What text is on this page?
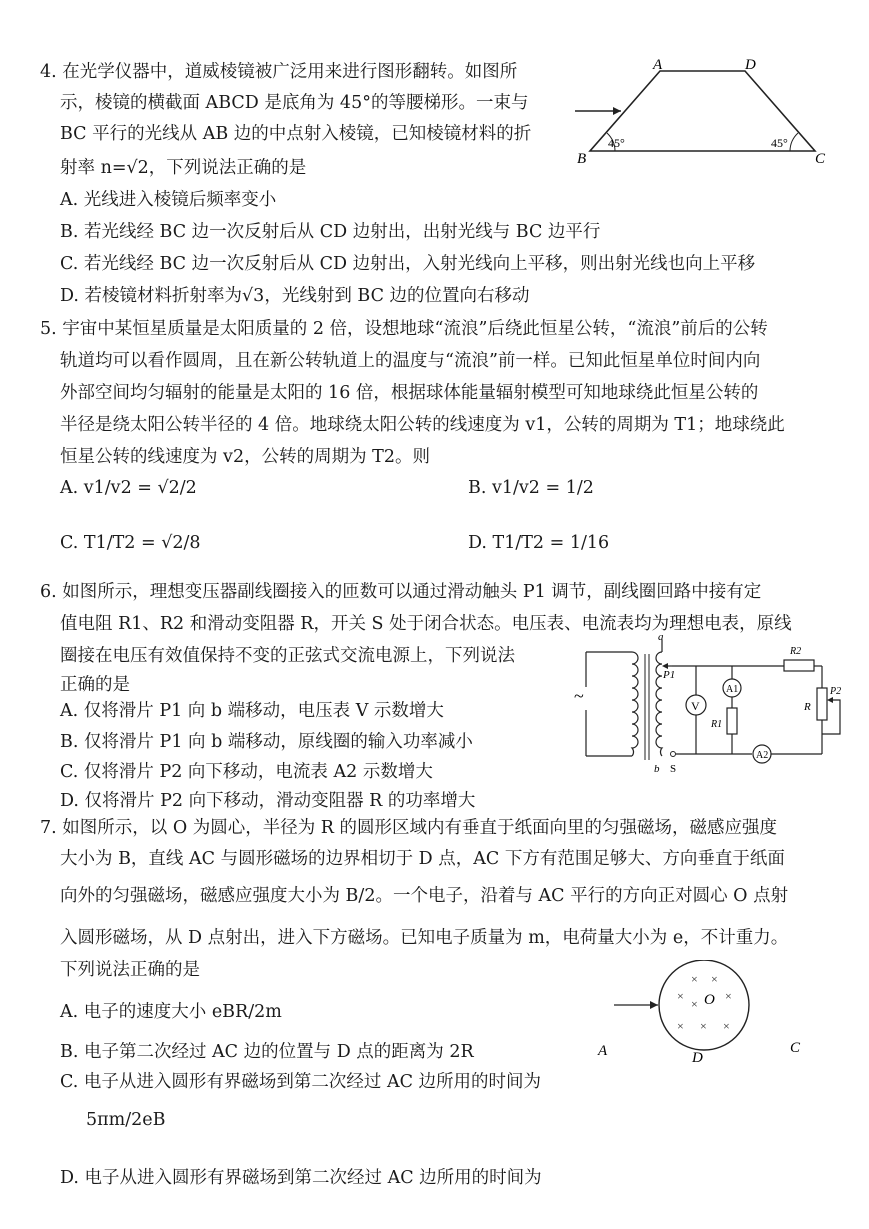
4. 在光学仪器中，道威棱镜被广泛用来进行图形翻转。如图所
示，棱镜的横截面 ABCD 是底角为 45°的等腰梯形。一束与
BC 平行的光线从 AB 边的中点射入棱镜，已知棱镜材料的折
射率 n=√2，下列说法正确的是
A. 光线进入棱镜后频率变小
B. 若光线经 BC 边一次反射后从 CD 边射出，出射光线与 BC 边平行
C. 若光线经 BC 边一次反射后从 CD 边射出，入射光线向上平移，则出射光线也向上平移
D. 若棱镜材料折射率为√3，光线射到 BC 边的位置向右移动
A	D
B	C
45°	45°
5. 宇宙中某恒星质量是太阳质量的 2 倍，设想地球“流浪”后绕此恒星公转，“流浪”前后的公转
轨道均可以看作圆周，且在新公转轨道上的温度与“流浪”前一样。已知此恒星单位时间内向
外部空间均匀辐射的能量是太阳的 16 倍，根据球体能量辐射模型可知地球绕此恒星公转的
半径是绕太阳公转半径的 4 倍。地球绕太阳公转的线速度为 v1，公转的周期为 T1；地球绕此
恒星公转的线速度为 v2，公转的周期为 T2。则
A. v1/v2 = √2/2	B. v1/v2 = 1/2
C. T1/T2 = √2/8	D. T1/T2 = 1/16
6. 如图所示，理想变压器副线圈接入的匝数可以通过滑动触头 P1 调节，副线圈回路中接有定
值电阻 R1、R2 和滑动变阻器 R，开关 S 处于闭合状态。电压表、电流表均为理想电表，原线
圈接在电压有效值保持不变的正弦式交流电源上，下列说法
正确的是
A. 仅将滑片 P1 向 b 端移动，电压表 V 示数增大
B. 仅将滑片 P1 向 b 端移动，原线圈的输入功率减小
C. 仅将滑片 P2 向下移动，电流表 A2 示数增大
D. 仅将滑片 P2 向下移动，滑动变阻器 R 的功率增大
~
a
b S
P1
V
A1
R1
R2
R
P2
A2
7. 如图所示，以 O 为圆心，半径为 R 的圆形区域内有垂直于纸面向里的匀强磁场，磁感应强度
大小为 B，直线 AC 与圆形磁场的边界相切于 D 点，AC 下方有范围足够大、方向垂直于纸面
向外的匀强磁场，磁感应强度大小为 B/2。一个电子，沿着与 AC 平行的方向正对圆心 O 点射
入圆形磁场，从 D 点射出，进入下方磁场。已知电子质量为 m，电荷量大小为 e，不计重力。
下列说法正确的是
A. 电子的速度大小 eBR/2m
B. 电子第二次经过 AC 边的位置与 D 点的距离为 2R
C. 电子从进入圆形有界磁场到第二次经过 AC 边所用的时间为
5πm/2eB
D. 电子从进入圆形有界磁场到第二次经过 AC 边所用的时间为
× ×
×	×
×
× × ×
O
A	D
C
